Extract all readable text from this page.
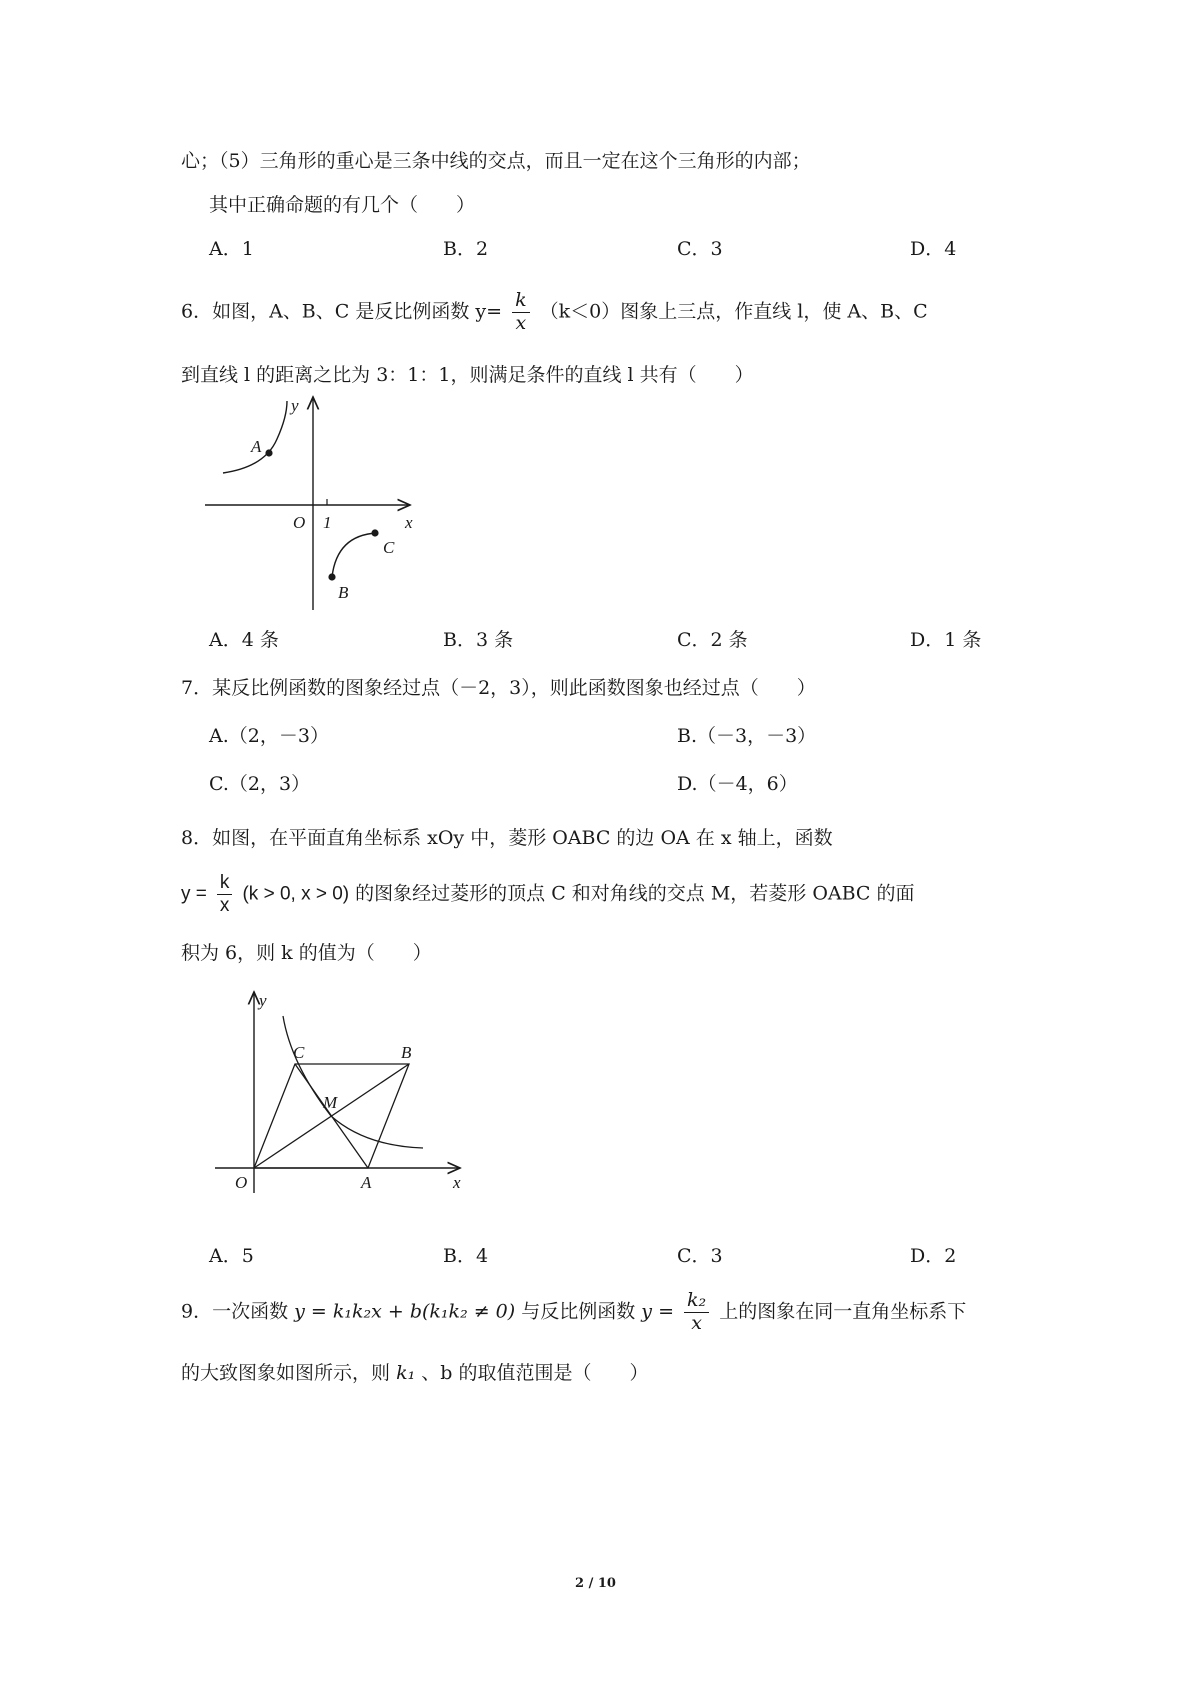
心；（5）三角形的重心是三条中线的交点，而且一定在这个三角形的内部；
其中正确命题的有几个（　　）
A．1	B．2	C．3	D．4
6．如图，A、B、C 是反比例函数 $y= \frac{k}{x} (k<0)$图象上三点，作直线 l，使 A、B、C
到直线 l 的距离之比为 3：1：1，则满足条件的直线 l 共有（　　）
y
x
O 1
A
B
C
A．4 条	B．3 条	C．2 条	D．1 条
7．某反比例函数的图象经过点（－2，3），则此函数图象也经过点（　　）
A.（2，－3）	B.（－3，－3）
C.（2，3）	D.（－4，6）
8．如图，在平面直角坐标系 xOy 中，菱形 OABC 的边 OA 在 x 轴上，函数
$y = \frac{k}{x} (k > 0$, x > 0) 的图象经过菱形的顶点 C 和对角线的交点 M，若菱形 OABC 的面
积为 6，则 k 的值为（　　）
y
x
O	A
B
C
M
A．5	B．4	C．3	D．2
9．一次函数 y = k₁k₂x + b(k₁k₂ ≠ 0) 与反比例函数 $y = \frac{\text{k₂}}{x}$ 上的图象在同一直角坐标系下
的大致图象如图所示，则 k₁ 、b 的取值范围是（　　）
2 / 10
